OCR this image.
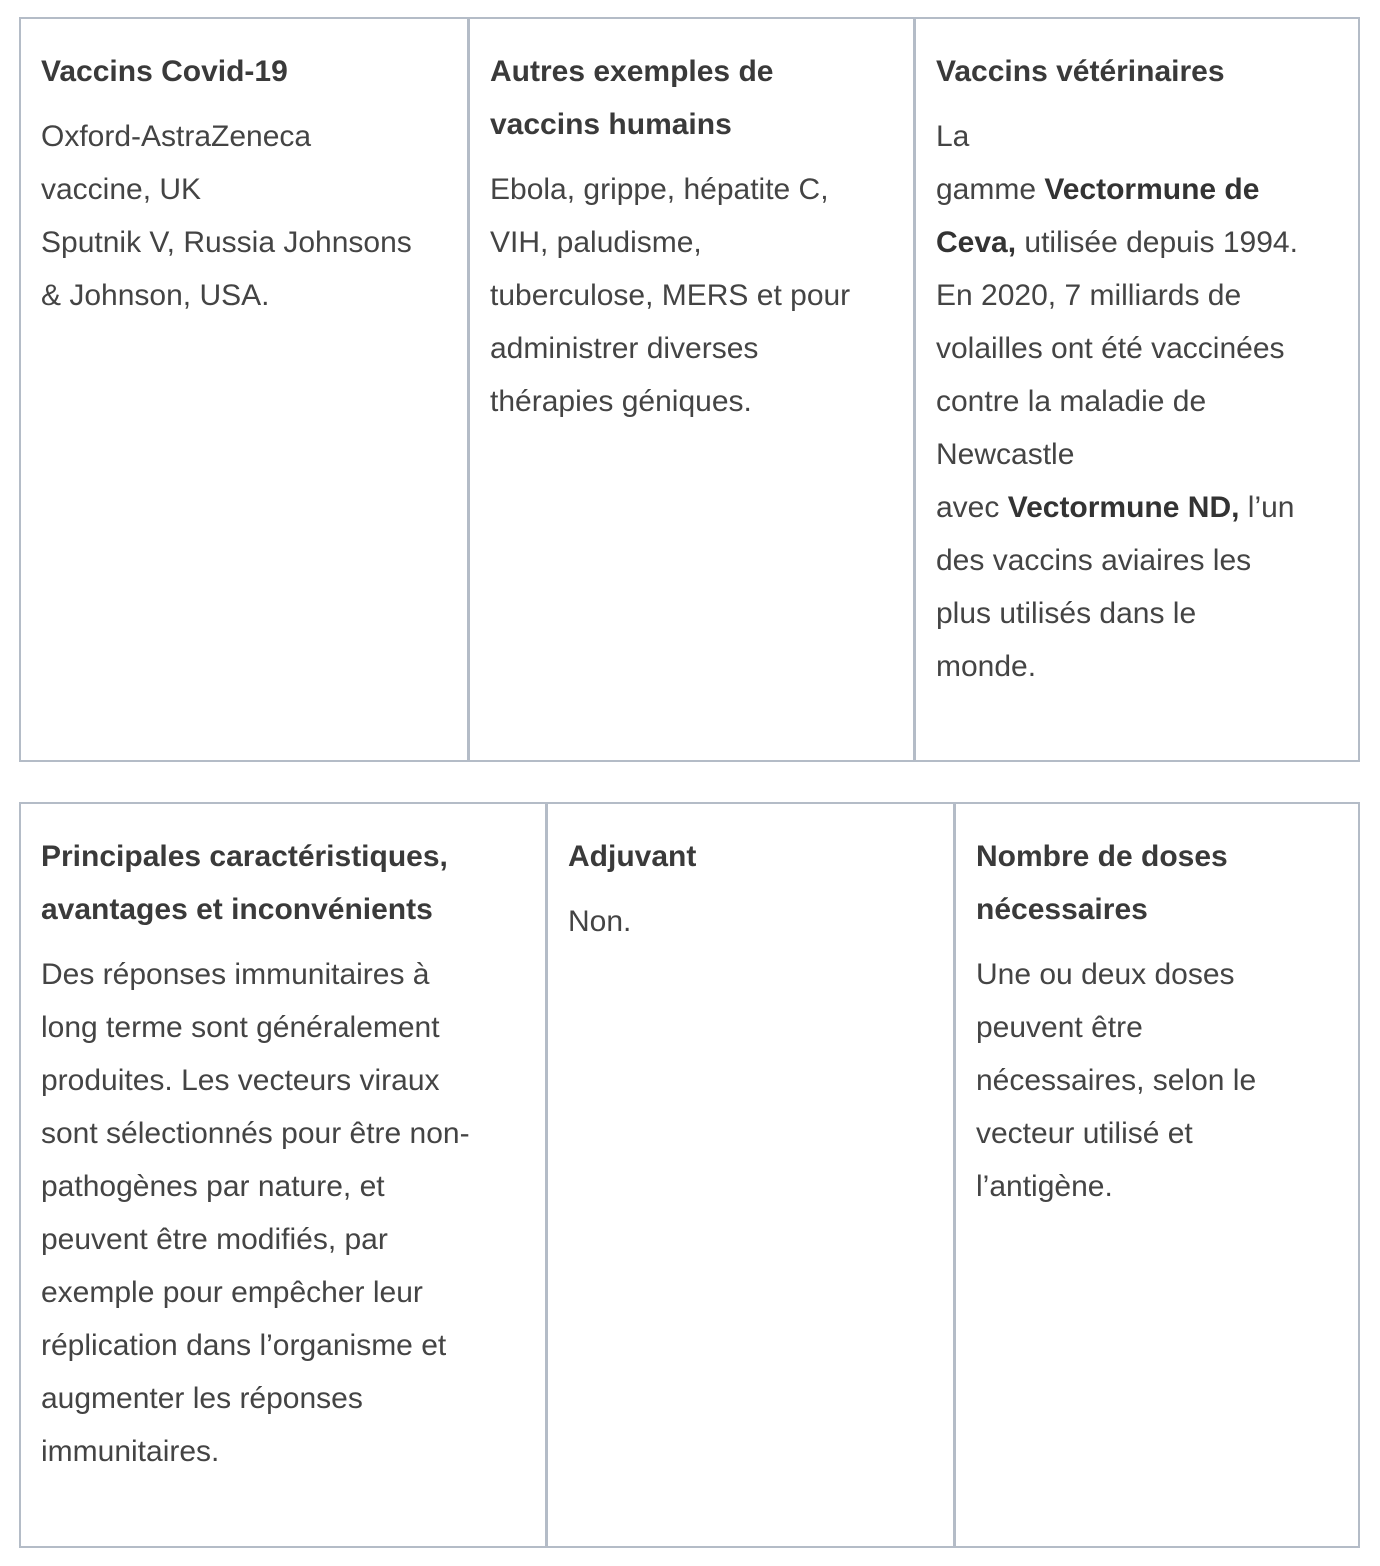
Vaccins Covid-19

Oxford-AstraZeneca

vaccine, UK

Sputnik V, Russia Johnsons

& Johnson, USA.

Autres exemples de
vaccins humains

Ebola, grippe, hépatite C,

VIH, paludisme,

tuberculose, MERS et pour

administrer diverses

thérapies géniques.

Vaccins vétérinaires

La

gamme Vectormune de

Ceva, utilisée depuis 1994.

En 2020, 7 milliards de

volailles ont été vaccinées

contre la maladie de

Newcastle

avec Vectormune ND, l’un

des vaccins aviaires les

plus utilisés dans le

monde.

Principales caractéristiques,
avantages et inconvénients

Des réponses immunitaires à

long terme sont généralement

produites. Les vecteurs viraux

sont sélectionnés pour être non-

pathogènes par nature, et

peuvent être modifiés, par

exemple pour empêcher leur

réplication dans l’organisme et

augmenter les réponses

immunitaires.

Adjuvant

Non.

Nombre de doses
nécessaires

Une ou deux doses

peuvent être

nécessaires, selon le

vecteur utilisé et

l’antigène.
